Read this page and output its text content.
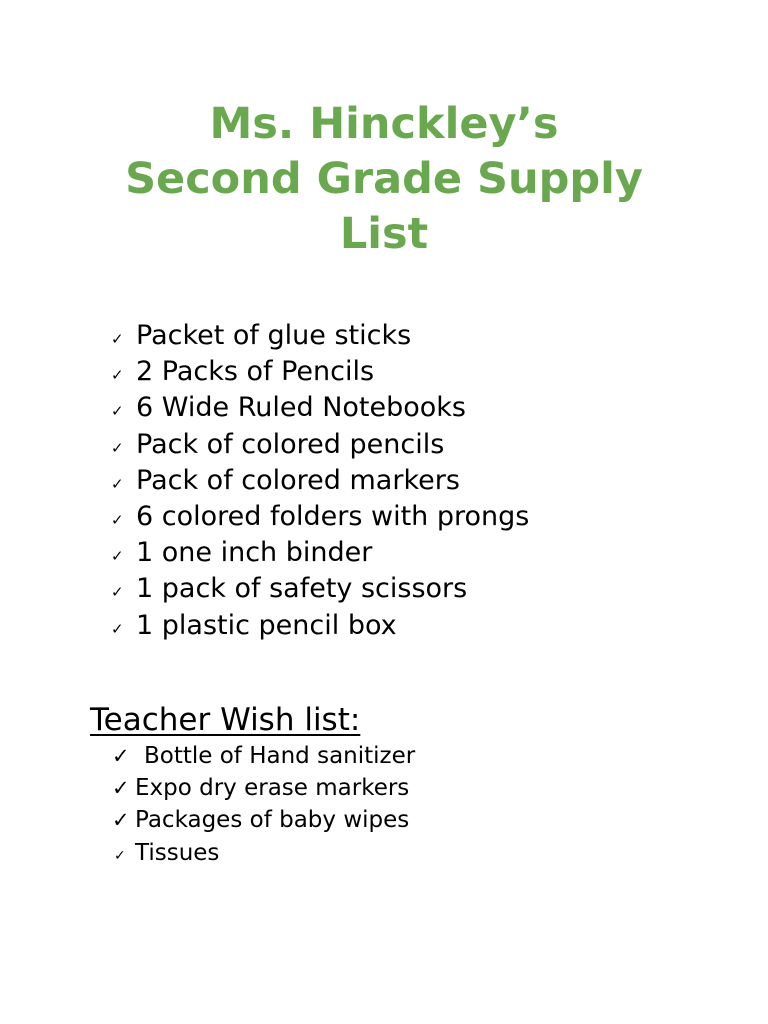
Ms. Hinckley’s
Second Grade Supply
List
✓ Packet of glue sticks
✓ 2 Packs of Pencils
✓ 6 Wide Ruled Notebooks
✓ Pack of colored pencils
✓ Pack of colored markers
✓ 6 colored folders with prongs
✓ 1 one inch binder
✓ 1 pack of safety scissors
✓ 1 plastic pencil box
Teacher Wish list:
✓ Bottle of Hand sanitizer
✓ Expo dry erase markers
✓ Packages of baby wipes
✓ Tissues
